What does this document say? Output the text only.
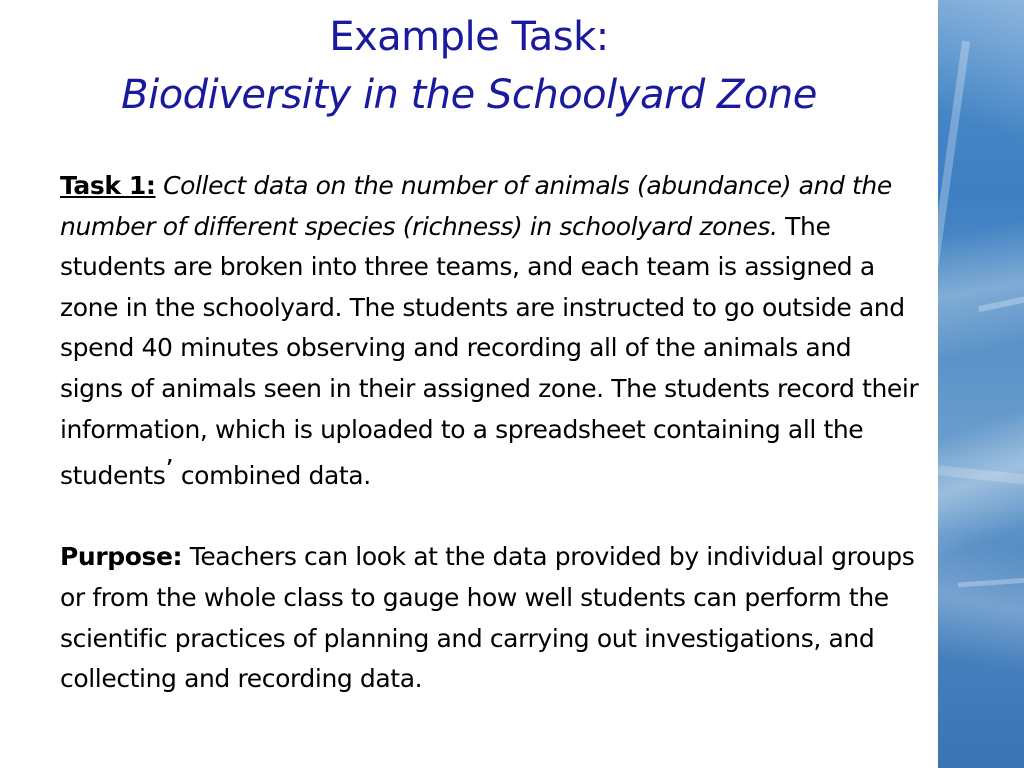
Example Task:
Biodiversity in the Schoolyard Zone

Task 1: Collect data on the number of animals (abundance) and the number of different species (richness) in schoolyard zones. The students are broken into three teams, and each team is assigned a zone in the schoolyard. The students are instructed to go outside and spend 40 minutes observing and recording all of the animals and signs of animals seen in their assigned zone. The students record their information, which is uploaded to a spreadsheet containing all the students’ combined data.

Purpose: Teachers can look at the data provided by individual groups or from the whole class to gauge how well students can perform the scientific practices of planning and carrying out investigations, and collecting and recording data.
